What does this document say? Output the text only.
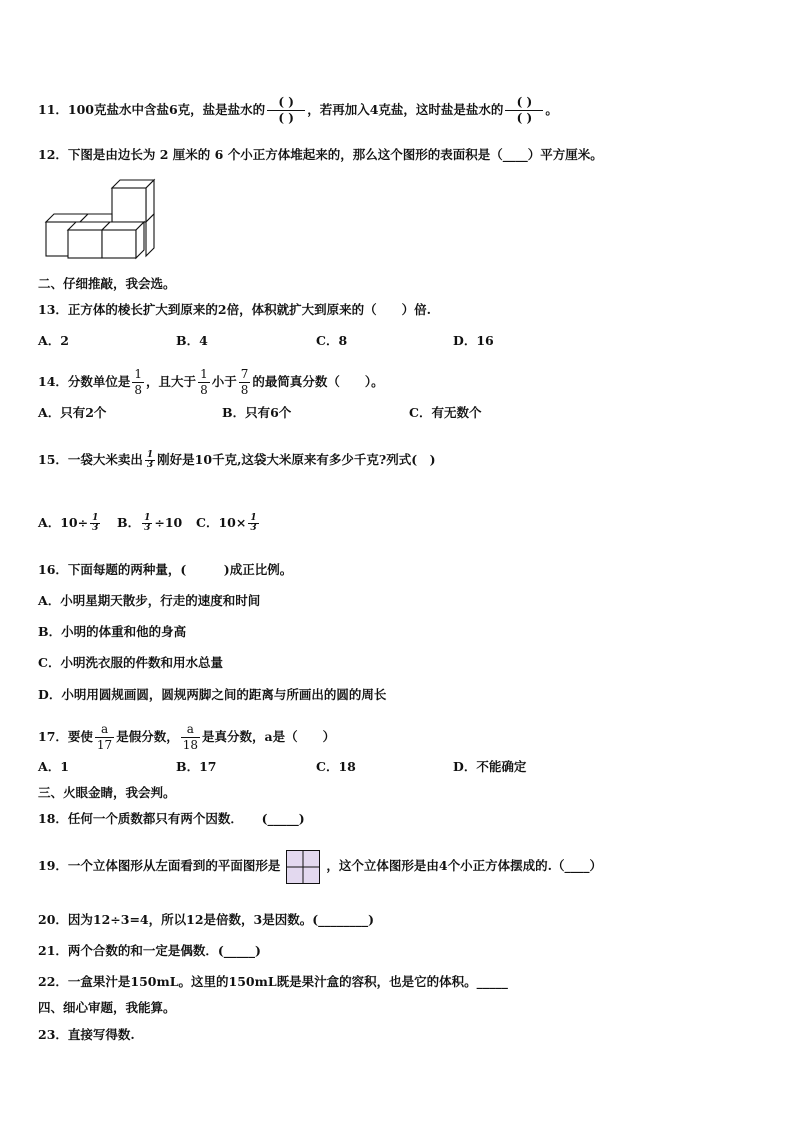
11．100克盐水中含盐6克，盐是盐水的 $\frac{( )}{( )}$ ，若再加入4克盐，这时盐是盐水的 $\frac{( )}{( )}$ 。
12．下图是由边长为 2 厘米的 6 个小正方体堆起来的，那么这个图形的表面积是（____）平方厘米。
二、仔细推敲，我会选。
13．正方体的棱长扩大到原来的2倍，体积就扩大到原来的（　　）倍.
A．2	B．4	C．8	D．16
14．分数单位是 $\frac{1}{8}$ ，且大于 $\frac{1}{8}$ 小于 $\frac{7}{8}$ 的最简真分数（　　）。
A．只有2个	B．只有6个	C．有无数个
15．一袋大米卖出 $\frac{1}{3}$ 刚好是10千克,这袋大米原来有多少千克?列式(　)
A．$10\div \frac{1}{3}$ B． $\frac{1}{3} \div 10$ C．$10\times \frac{1}{3}$
16．下面每题的两种量，(　　　)成正比例。
A．小明星期天散步，行走的速度和时间
B．小明的体重和他的身高
C．小明洗衣服的件数和用水总量
D．小明用圆规画圆，圆规两脚之间的距离与所画出的圆的周长
17．要使 $\frac{a}{17}$ 是假分数， $\frac{a}{18}$ 是真分数，a是（　　）
A．1	B．17	C．18	D．不能确定
三、火眼金睛，我会判。
18．任何一个质数都只有两个因数．　　(_____)
19．一个立体图形从左面看到的平面图形是	，这个立体图形是由4个小正方体摆成的.（____）
20．因为12÷3=4，所以12是倍数，3是因数。(________)
21．两个合数的和一定是偶数．(_____)
22．一盒果汁是150mL。这里的150mL既是果汁盒的容积，也是它的体积。_____
四、细心审题，我能算。
23．直接写得数.
